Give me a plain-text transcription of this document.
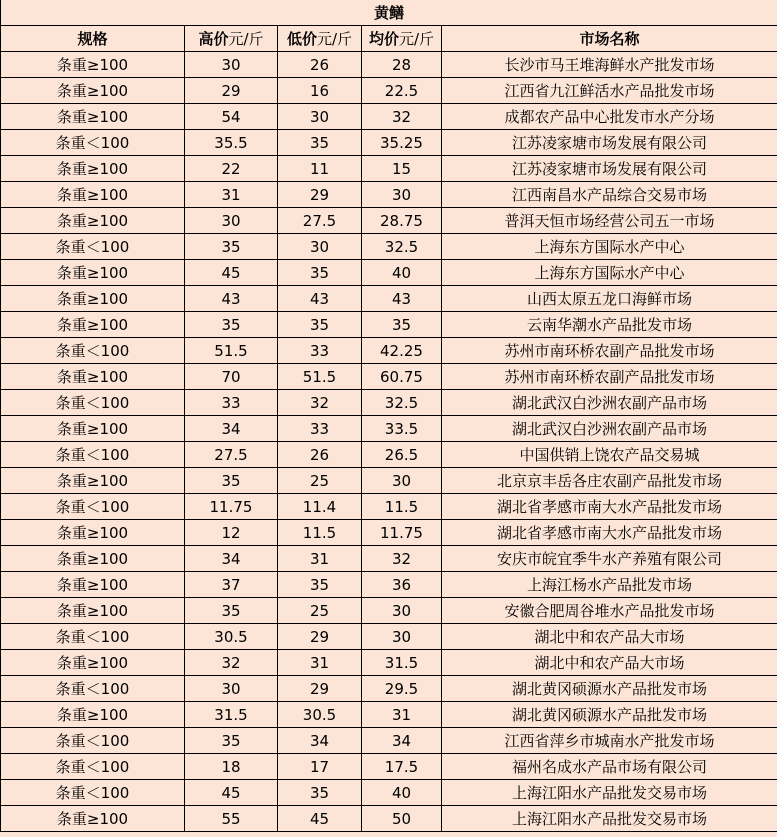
黄鳝				
规格	高价元/斤	低价元/斤	均价元/斤	市场名称
条重≥100	30	26	28	长沙市马王堆海鲜水产批发市场
条重≥100	29	16	22.5	江西省九江鲜活水产品批发市场
条重≥100	54	30	32	成都农产品中心批发市水产分场
条重＜100	35.5	35	35.25	江苏凌家塘市场发展有限公司
条重≥100	22	11	15	江苏凌家塘市场发展有限公司
条重≥100	31	29	30	江西南昌水产品综合交易市场
条重≥100	30	27.5	28.75	普洱天恒市场经营公司五一市场
条重＜100	35	30	32.5	上海东方国际水产中心
条重≥100	45	35	40	上海东方国际水产中心
条重≥100	43	43	43	山西太原五龙口海鲜市场
条重≥100	35	35	35	云南华潮水产品批发市场
条重＜100	51.5	33	42.25	苏州市南环桥农副产品批发市场
条重≥100	70	51.5	60.75	苏州市南环桥农副产品批发市场
条重＜100	33	32	32.5	湖北武汉白沙洲农副产品市场
条重≥100	34	33	33.5	湖北武汉白沙洲农副产品市场
条重＜100	27.5	26	26.5	中国供销上饶农产品交易城
条重≥100	35	25	30	北京京丰岳各庄农副产品批发市场
条重＜100	11.75	11.4	11.5	湖北省孝感市南大水产品批发市场
条重≥100	12	11.5	11.75	湖北省孝感市南大水产品批发市场
条重≥100	34	31	32	安庆市皖宜季牛水产养殖有限公司
条重≥100	37	35	36	上海江杨水产品批发市场
条重≥100	35	25	30	安徽合肥周谷堆水产品批发市场
条重＜100	30.5	29	30	湖北中和农产品大市场
条重≥100	32	31	31.5	湖北中和农产品大市场
条重＜100	30	29	29.5	湖北黄冈硕源水产品批发市场
条重≥100	31.5	30.5	31	湖北黄冈硕源水产品批发市场
条重＜100	35	34	34	江西省萍乡市城南水产批发市场
条重＜100	18	17	17.5	福州名成水产品市场有限公司
条重＜100	45	35	40	上海江阳水产品批发交易市场
条重≥100	55	45	50	上海江阳水产品批发交易市场
